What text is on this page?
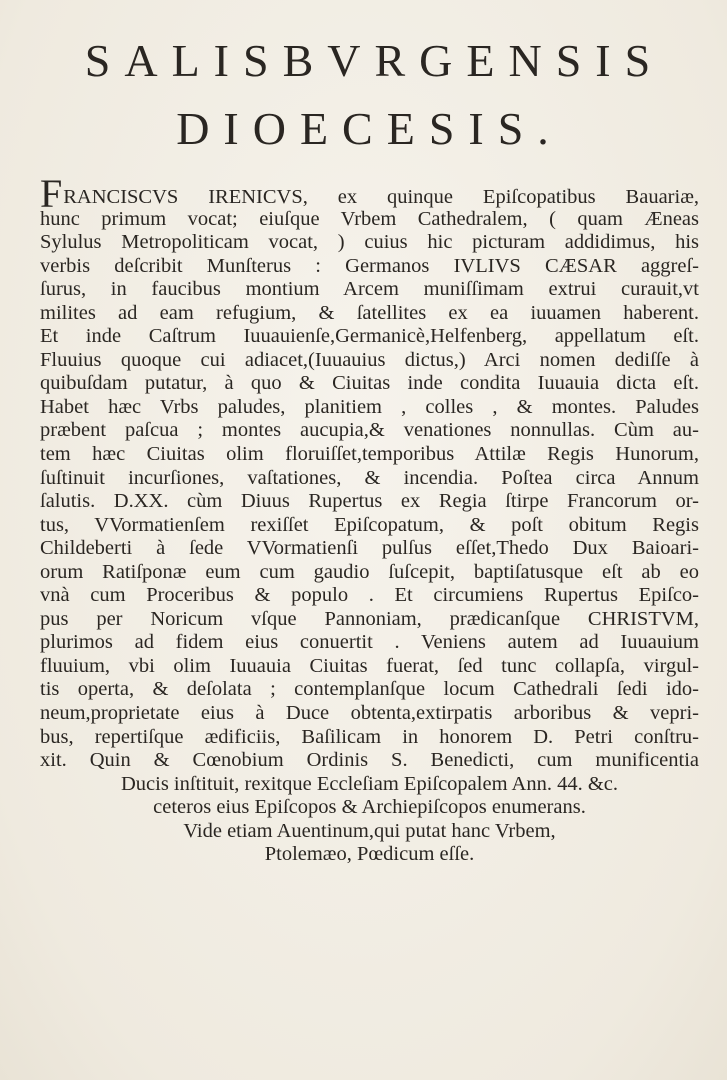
SALISBVRGENSIS
DIOECESIS.
FRANCISCVS IRENICVS, ex quinque Epiſcopatibus Bauariæ,
hunc primum vocat; eiuſque Vrbem Cathedralem, ( quam Æneas
Sylulus Metropoliticam vocat, ) cuius hic picturam addidimus, his
verbis deſcribit Munſterus : Germanos IVLIVS CÆSAR aggreſ-
ſurus, in faucibus montium Arcem muniſſimam extrui curauit,vt
milites ad eam refugium, & ſatellites ex ea iuuamen haberent.
Et inde Caſtrum Iuuauienſe,Germanicè,Helfenberg, appellatum eſt.
Fluuius quoque cui adiacet,(Iuuauius dictus,) Arci nomen dediſſe à
quibuſdam putatur, à quo & Ciuitas inde condita Iuuauia dicta eſt.
Habet hæc Vrbs paludes, planitiem , colles , & montes. Paludes
præbent paſcua ; montes aucupia,& venationes nonnullas. Cùm au-
tem hæc Ciuitas olim floruiſſet,temporibus Attilæ Regis Hunorum,
ſuſtinuit incurſiones, vaſtationes, & incendia. Poſtea circa Annum
ſalutis. D.XX. cùm Diuus Rupertus ex Regia ſtirpe Francorum or-
tus, VVormatienſem rexiſſet Epiſcopatum, & poſt obitum Regis
Childeberti à ſede VVormatienſi pulſus eſſet,Thedo Dux Baioari-
orum Ratiſponæ eum cum gaudio ſuſcepit, baptiſatusque eſt ab eo
vnà cum Proceribus & populo . Et circumiens Rupertus Epiſco-
pus per Noricum vſque Pannoniam, prædicanſque CHRISTVM,
plurimos ad fidem eius conuertit . Veniens autem ad Iuuauium
fluuium, vbi olim Iuuauia Ciuitas fuerat, ſed tunc collapſa, virgul-
tis operta, & deſolata ; contemplanſque locum Cathedrali ſedi ido-
neum,proprietate eius à Duce obtenta,extirpatis arboribus & vepri-
bus, repertiſque ædificiis, Baſilicam in honorem D. Petri conſtru-
xit. Quin & Cœnobium Ordinis S. Benedicti, cum munificentia
Ducis inſtituit, rexitque Eccleſiam Epiſcopalem Ann. 44. &c.
ceteros eius Epiſcopos & Archiepiſcopos enumerans.
Vide etiam Auentinum,qui putat hanc Vrbem,
Ptolemæo, Pœdicum eſſe.
